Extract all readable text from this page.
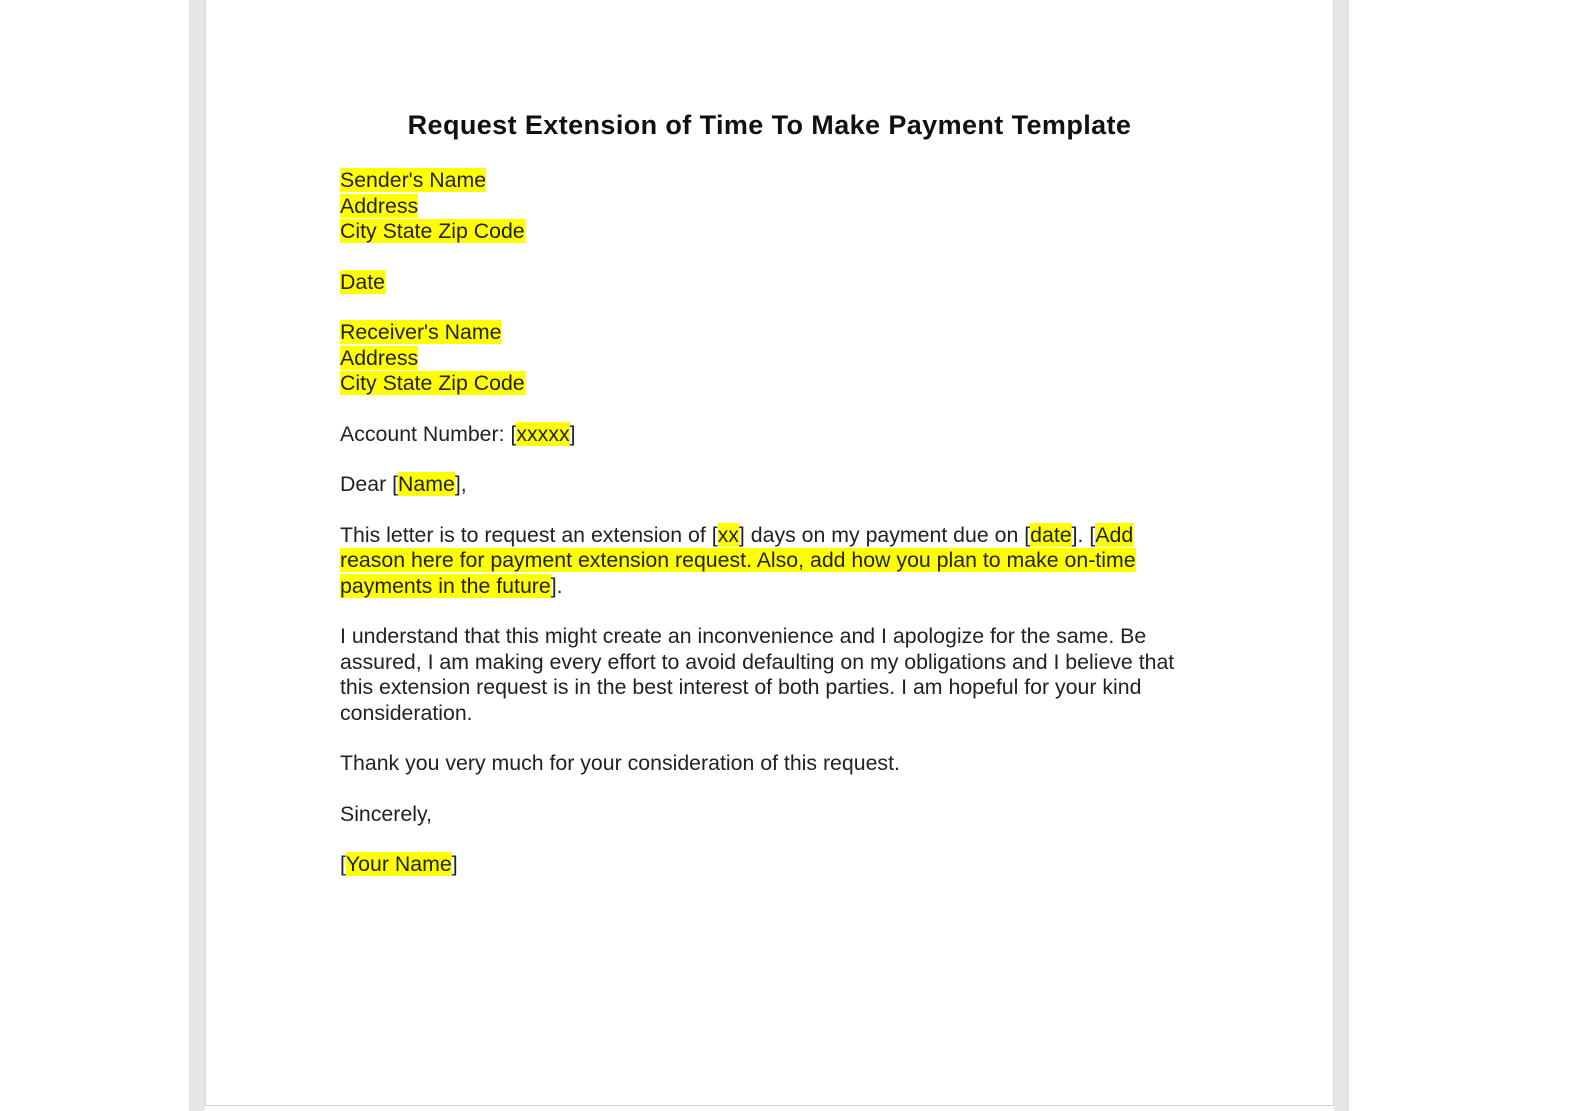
Request Extension of Time To Make Payment Template
Sender's Name
Address
City State Zip Code
Date
Receiver's Name
Address
City State Zip Code
Account Number: [xxxxx]
Dear [Name],
This letter is to request an extension of [xx] days on my payment due on [date]. [Add reason here for payment extension request. Also, add how you plan to make on-time payments in the future].
I understand that this might create an inconvenience and I apologize for the same. Be assured, I am making every effort to avoid defaulting on my obligations and I believe that this extension request is in the best interest of both parties. I am hopeful for your kind consideration.
Thank you very much for your consideration of this request.
Sincerely,
[Your Name]
